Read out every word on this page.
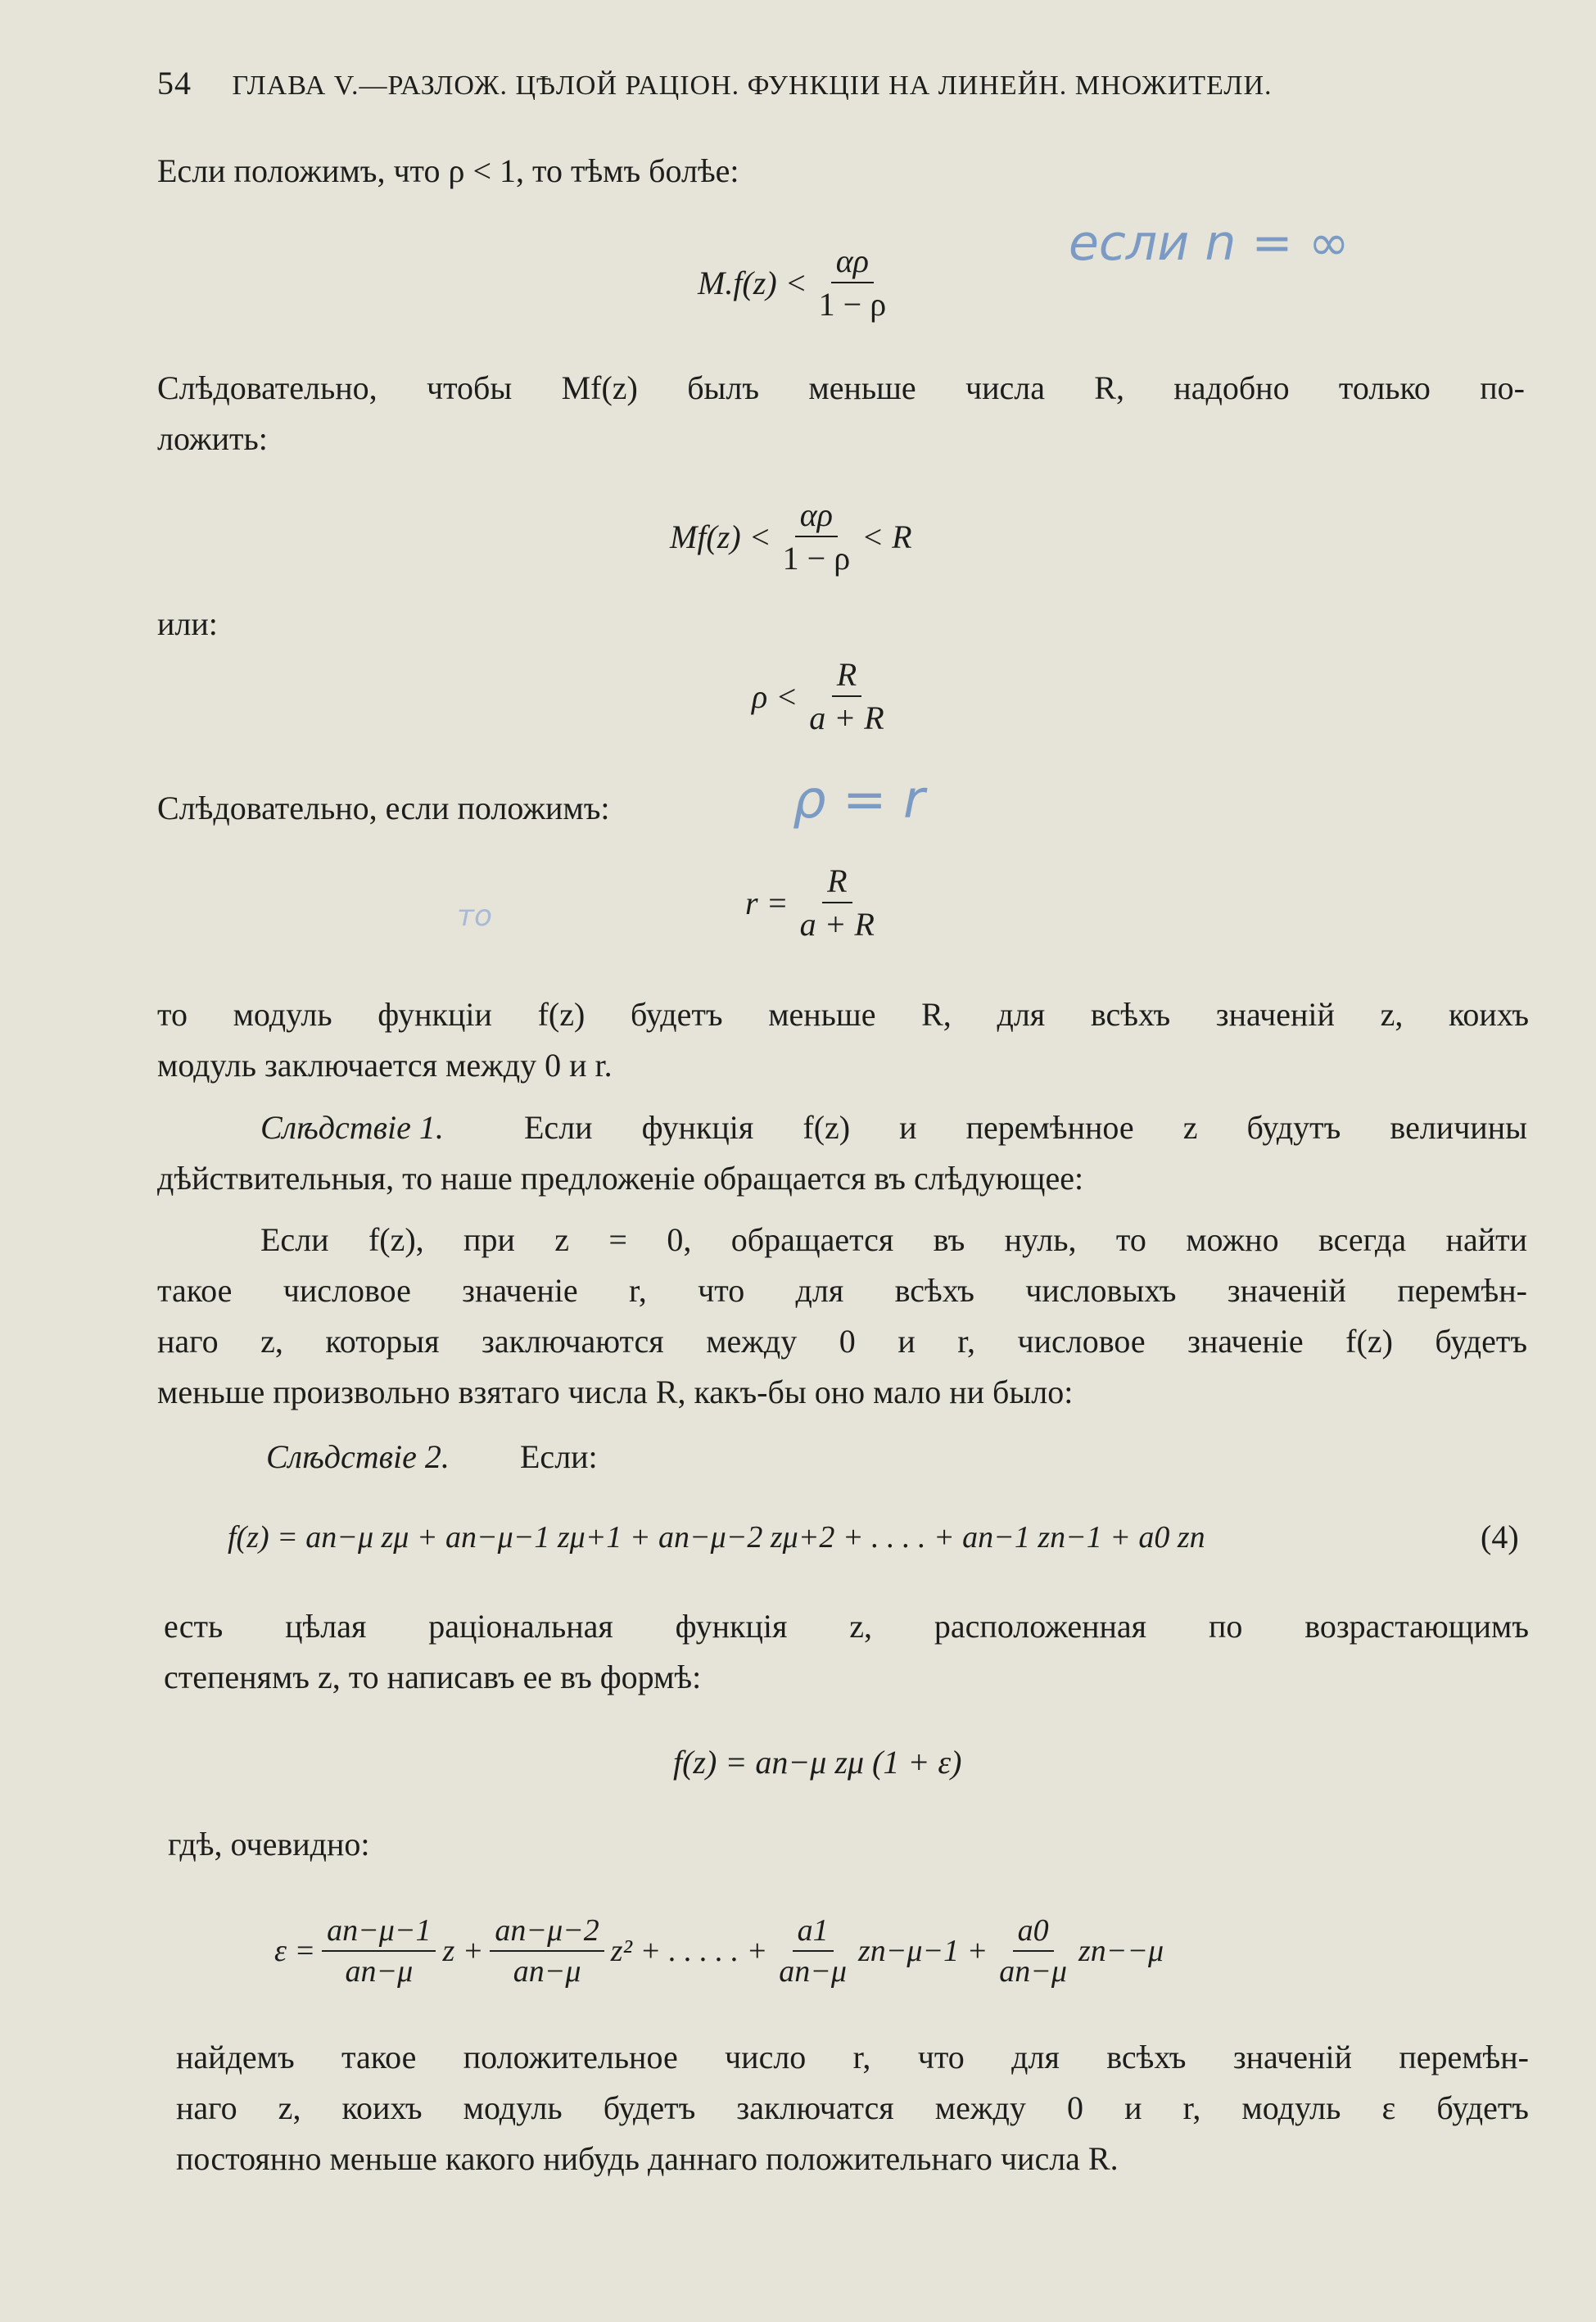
54 ГЛАВА V.—РАЗЛОЖ. ЦѢЛОЙ РАЦІОН. ФУНКЦІИ НА ЛИНЕЙН. МНОЖИТЕЛИ.
Если положимъ, что ρ < 1, то тѣмъ болѣе:
$M.f(z) < \frac{\alpha\rho}{1 - \rho}$	если n = ∞
Слѣдовательно, чтобы Mf(z) былъ меньше числа R, надобно только по-
ложить:
$Mf(z) < \frac{\alpha\rho}{1 - \rho} < R$
или:
$\rho < \frac{R}{a + R}$
Слѣдовательно, если положимъ:	ρ = r
то	$r = \frac{R}{a + R}$
то модуль функціи f(z) будетъ меньше R, для всѣхъ значеній z, коихъ
модуль заключается между 0 и r.
Слѣдствіе 1. Если функція f(z) и перемѣнное z будутъ величины
дѣйствительныя, то наше предложеніе обращается въ слѣдующее:
Если f(z), при z = 0, обращается въ нуль, то можно всегда найти
такое числовое значеніе r, что для всѣхъ числовыхъ значеній перемѣн-
наго z, которыя заключаются между 0 и r, числовое значеніе f(z) будетъ
меньше произвольно взятаго числа R, какъ-бы оно мало ни было:
Слѣдствіе 2. Если:
f(z) = an−μ zμ + an−μ−1 zμ+1 + an−μ−2 zμ+2 + . . . . + an−1 zn−1 + a0 zn	(4)
есть цѣлая раціональная функція z, расположенная по возрастающимъ
степенямъ z, то написавъ ее въ формѣ:
f(z) = an−μ zμ (1 + ε)
гдѣ, очевидно:
$\varepsilon = \frac{an-\mu-1}{an-\mu}$ $z + \frac{an-\mu-2}{an-\mu} z^2$ + . . . . . + $\frac{a1}{an-\mu} zn-\mu-1 + \frac{a0}{an-\mu} zn--\mu$
найдемъ такое положительное число r, что для всѣхъ значеній перемѣн-
наго z, коихъ модуль будетъ заключатся между 0 и r, модуль ε будетъ
постоянно меньше какого нибудь даннаго положительнаго числа R.
